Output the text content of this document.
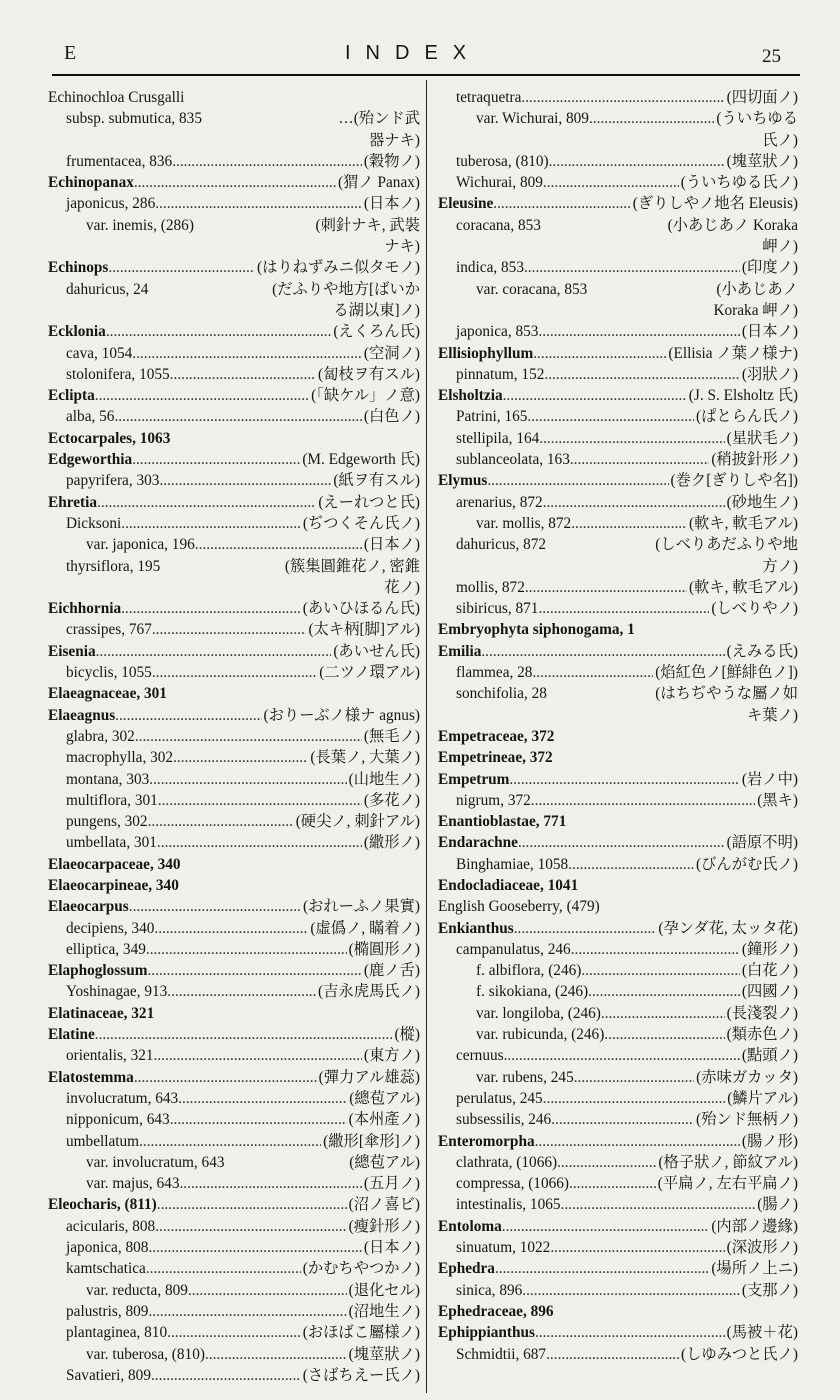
E	INDEX	25
Echinochloa Crusgalli
subsp. submutica, 835	…(殆ンド武
器ナキ)
frumentacea, 836 .....	(穀物ノ)
Echinopanax .....	(猬ノ Panax)
japonicus, 286 .....	(日本ノ)
var. inemis, (286)	(刺針ナキ, 武裝
ナキ)
Echinops .....	(はりねずみニ似タモノ)
dahuricus, 24	(だふりや地方[ばいか
る湖以東]ノ)
Ecklonia .....	(えくろん氏)
cava, 1054 .....	(空洞ノ)
stolonifera, 1055 .....	(匐枝ヲ有スル)
Eclipta .....	(「缺ケル」ノ意)
alba, 56 .....	(白色ノ)
Ectocarpales, 1063
Edgeworthia .....	(M. Edgeworth 氏)
papyrifera, 303 .....	(紙ヲ有スル)
Ehretia .....	(えーれつと氏)
Dicksoni .....	(ぢつくそん氏ノ)
var. japonica, 196 .....	(日本ノ)
thyrsiflora, 195	(簇集圓錐花ノ, 密錐
花ノ)
Eichhornia .....	(あいひほるん氏)
crassipes, 767 .....	(太キ柄[脚]アル)
Eisenia .....	(あいせん氏)
bicyclis, 1055 .....	(二ツノ環アル)
Elaeagnaceae, 301
Elaeagnus .....	(おりーぶノ様ナ agnus)
glabra, 302 .....	(無毛ノ)
macrophylla, 302 .....	(長葉ノ, 大葉ノ)
montana, 303 .....	(山地生ノ)
multiflora, 301 .....	(多花ノ)
pungens, 302 .....	(硬尖ノ, 刺針アル)
umbellata, 301 .....	(繖形ノ)
Elaeocarpaceae, 340
Elaeocarpineae, 340
Elaeocarpus .....	(おれーふノ果實)
decipiens, 340 .....	(虛僞ノ, 瞞着ノ)
elliptica, 349 .....	(橢圓形ノ)
Elaphoglossum .....	(鹿ノ舌)
Yoshinagae, 913 .....	(吉永虎馬氏ノ)
Elatinaceae, 321
Elatine .....	(樅)
orientalis, 321 .....	(東方ノ)
Elatostemma .....	(彈力アル雄蕊)
involucratum, 643 .....	(總苞アル)
nipponicum, 643 .....	(本州產ノ)
umbellatum .....	(繖形[傘形]ノ)
var. involucratum, 643	(總苞アル)
var. majus, 643 .....	(五月ノ)
Eleocharis, (811) .....	(沼ノ喜ビ)
acicularis, 808 .....	(瘦針形ノ)
japonica, 808 .....	(日本ノ)
kamtschatica .....	(かむちやつかノ)
var. reducta, 809 .....	(退化セル)
palustris, 809 .....	(沼地生ノ)
plantaginea, 810 .....	(おほばこ屬様ノ)
var. tuberosa, (810) .....	(塊莖狀ノ)
Savatieri, 809 .....	(さばちえー氏ノ)
tetraquetra .....	(四切面ノ)
var. Wichurai, 809 .....	(ういちゆる
氏ノ)
tuberosa, (810) .....	(塊莖狀ノ)
Wichurai, 809 .....	(ういちゆる氏ノ)
Eleusine .....	(ぎりしやノ地名 Eleusis)
coracana, 853	(小あじあノ Koraka
岬ノ)
indica, 853 .....	(印度ノ)
var. coracana, 853	(小あじあノ
Koraka 岬ノ)
japonica, 853 .....	(日本ノ)
Ellisiophyllum .....	(Ellisia ノ葉ノ様ナ)
pinnatum, 152 .....	(羽狀ノ)
Elsholtzia .....	(J. S. Elsholtz 氏)
Patrini, 165 .....	(ぱとらん氏ノ)
stellipila, 164 .....	(星狀毛ノ)
sublanceolata, 163 .....	(稍披針形ノ)
Elymus .....	(巻ク[ぎりしや名])
arenarius, 872 .....	(砂地生ノ)
var. mollis, 872 .....	(軟キ, 軟毛アル)
dahuricus, 872	(しべりあだふりや地
方ノ)
mollis, 872 .....	(軟キ, 軟毛アル)
sibiricus, 871 .....	(しべりやノ)
Embryophyta siphonogama, 1
Emilia .....	(えみる氏)
flammea, 28 .....	(焰紅色ノ[鮮緋色ノ])
sonchifolia, 28	(はちぢやうな屬ノ如
キ葉ノ)
Empetraceae, 372
Empetrineae, 372
Empetrum .....	(岩ノ中)
nigrum, 372 .....	(黑キ)
Enantioblastae, 771
Endarachne .....	(語原不明)
Binghamiae, 1058 .....	(びんがむ氏ノ)
Endocladiaceae, 1041
English Gooseberry, (479)
Enkianthus .....	(孕ンダ花, 太ッタ花)
campanulatus, 246 .....	(鐘形ノ)
f. albiflora, (246) .....	(白花ノ)
f. sikokiana, (246) .....	(四國ノ)
var. longiloba, (246) .....	(長淺裂ノ)
var. rubicunda, (246) .....	(類赤色ノ)
cernuus .....	(點頭ノ)
var. rubens, 245 .....	(赤味ガカッタ)
perulatus, 245 .....	(鱗片アル)
subsessilis, 246 .....	(殆ンド無柄ノ)
Enteromorpha .....	(腸ノ形)
clathrata, (1066) .....	(格子狀ノ, 節紋アル)
compressa, (1066) .....	(平扁ノ, 左右平扁ノ)
intestinalis, 1065 .....	(腸ノ)
Entoloma .....	(内部ノ邊緣)
sinuatum, 1022 .....	(深波形ノ)
Ephedra .....	(場所ノ上ニ)
sinica, 896 .....	(支那ノ)
Ephedraceae, 896
Ephippianthus .....	(馬被＋花)
Schmidtii, 687 .....	(しゆみつと氏ノ)
